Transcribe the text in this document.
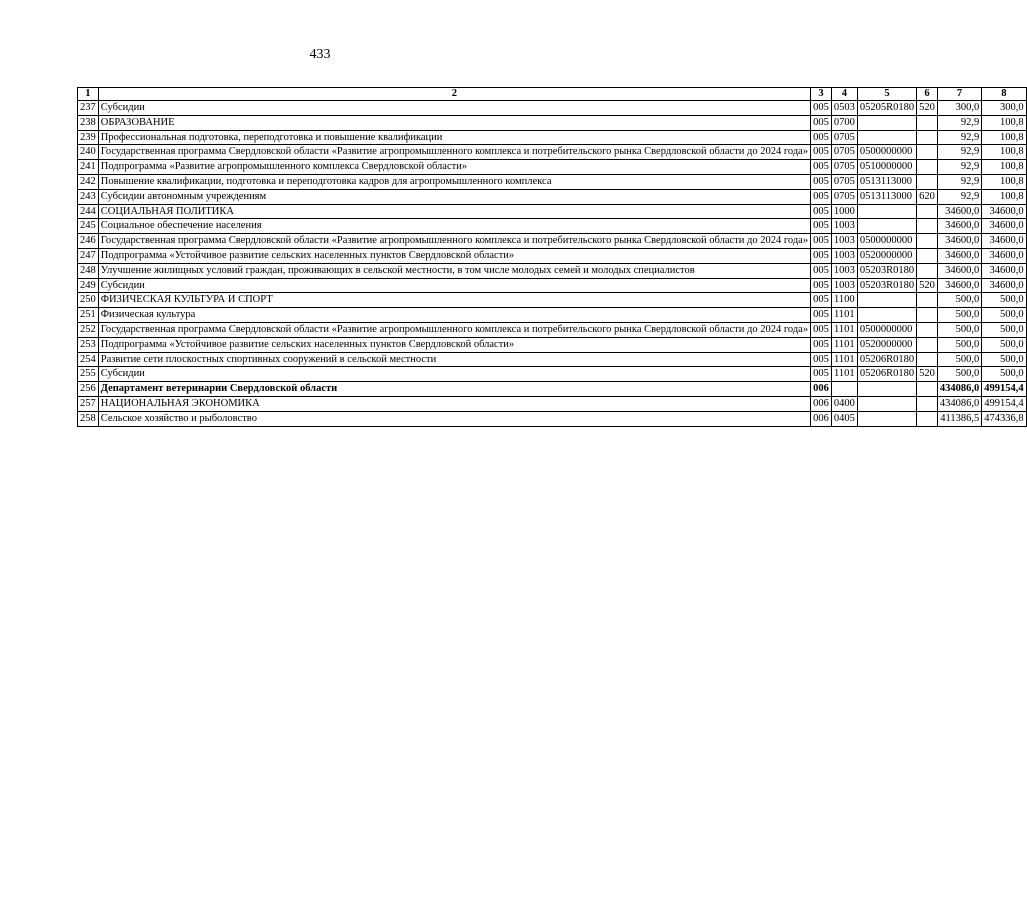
433
1	2	3	4	5	6	7	8
237	Субсидии	005	0503	05205R0180	520	300,0	300,0
238	ОБРАЗОВАНИЕ	005	0700			92,9	100,8
239	Профессиональная подготовка, переподготовка и повышение квалификации	005	0705			92,9	100,8
240	Государственная программа Свердловской области «Развитие агропромышленного комплекса и потребительского рынка Свердловской области до 2024 года»	005	0705	0500000000		92,9	100,8
241	Подпрограмма «Развитие агропромышленного комплекса Свердловской области»	005	0705	0510000000		92,9	100,8
242	Повышение квалификации, подготовка и переподготовка кадров для агропромышленного комплекса	005	0705	0513113000		92,9	100,8
243	Субсидии автономным учреждениям	005	0705	0513113000	620	92,9	100,8
244	СОЦИАЛЬНАЯ ПОЛИТИКА	005	1000			34600,0	34600,0
245	Социальное обеспечение населения	005	1003			34600,0	34600,0
246	Государственная программа Свердловской области «Развитие агропромышленного комплекса и потребительского рынка Свердловской области до 2024 года»	005	1003	0500000000		34600,0	34600,0
247	Подпрограмма «Устойчивое развитие сельских населенных пунктов Свердловской области»	005	1003	0520000000		34600,0	34600,0
248	Улучшение жилищных условий граждан, проживающих в сельской местности, в том числе молодых семей и молодых специалистов	005	1003	05203R0180		34600,0	34600,0
249	Субсидии	005	1003	05203R0180	520	34600,0	34600,0
250	ФИЗИЧЕСКАЯ КУЛЬТУРА И СПОРТ	005	1100			500,0	500,0
251	Физическая культура	005	1101			500,0	500,0
252	Государственная программа Свердловской области «Развитие агропромышленного комплекса и потребительского рынка Свердловской области до 2024 года»	005	1101	0500000000		500,0	500,0
253	Подпрограмма «Устойчивое развитие сельских населенных пунктов Свердловской области»	005	1101	0520000000		500,0	500,0
254	Развитие сети плоскостных спортивных сооружений в сельской местности	005	1101	05206R0180		500,0	500,0
255	Субсидии	005	1101	05206R0180	520	500,0	500,0
256	Департамент ветеринарии Свердловской области	006				434086,0	499154,4
257	НАЦИОНАЛЬНАЯ ЭКОНОМИКА	006	0400			434086,0	499154,4
258	Сельское хозяйство и рыболовство	006	0405			411386,5	474336,8
